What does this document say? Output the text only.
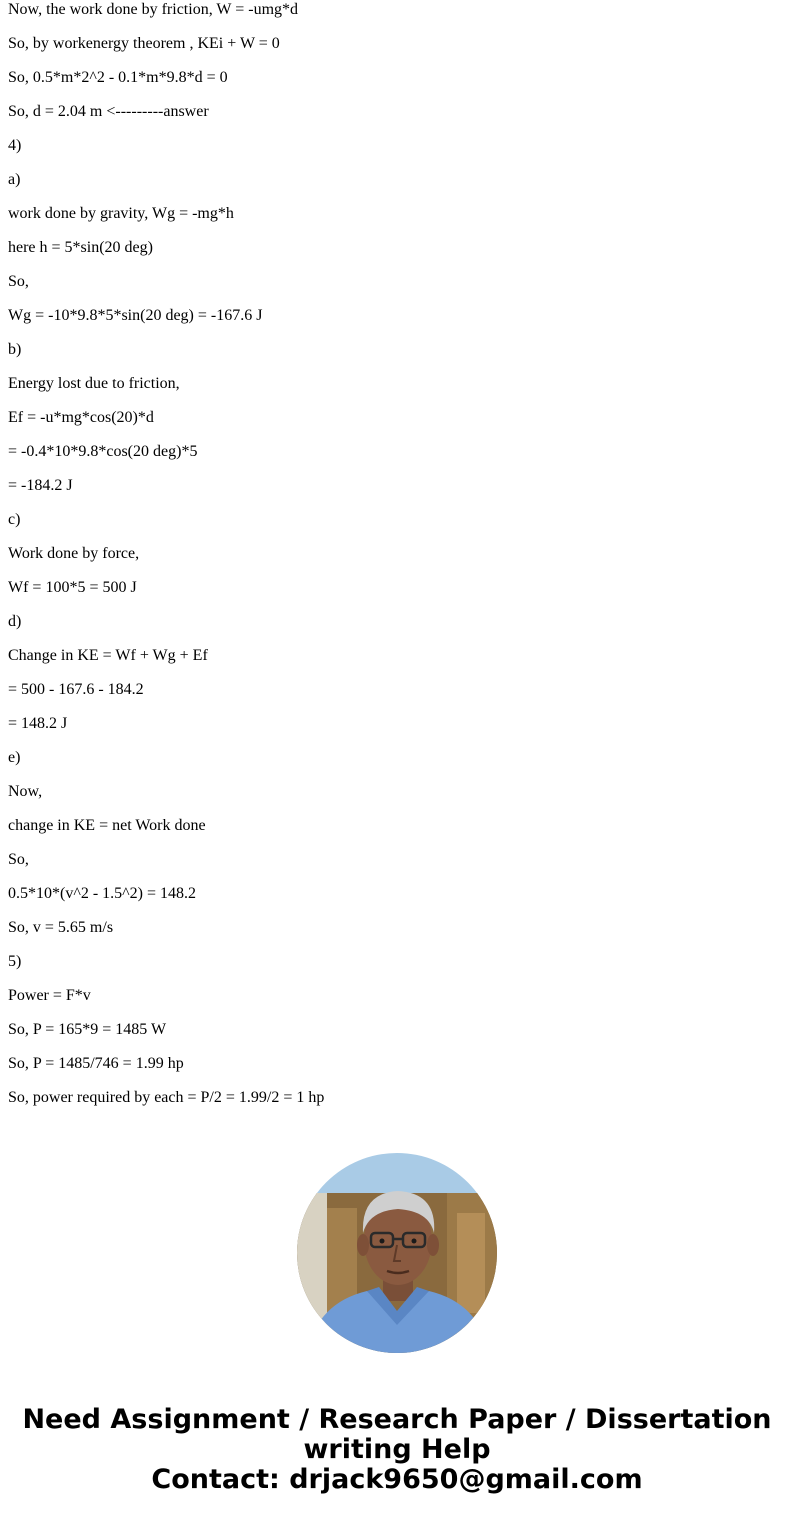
Now, the work done by friction, W = -umg*d
So, by workenergy theorem , KEi + W = 0
So, 0.5*m*2^2 - 0.1*m*9.8*d = 0
So, d = 2.04 m <---------answer
4)
a)
work done by gravity, Wg = -mg*h
here h = 5*sin(20 deg)
So,
Wg = -10*9.8*5*sin(20 deg) = -167.6 J
b)
Energy lost due to friction,
Ef = -u*mg*cos(20)*d
= -0.4*10*9.8*cos(20 deg)*5
= -184.2 J
c)
Work done by force,
Wf = 100*5 = 500 J
d)
Change in KE = Wf + Wg + Ef
= 500 - 167.6 - 184.2
= 148.2 J
e)
Now,
change in KE = net Work done
So,
0.5*10*(v^2 - 1.5^2) = 148.2
So, v = 5.65 m/s
5)
Power = F*v
So, P = 165*9 = 1485 W
So, P = 1485/746 = 1.99 hp
So, power required by each = P/2 = 1.99/2 = 1 hp
Need Assignment / Research Paper / Dissertation
writing Help
Contact: drjack9650@gmail.com
